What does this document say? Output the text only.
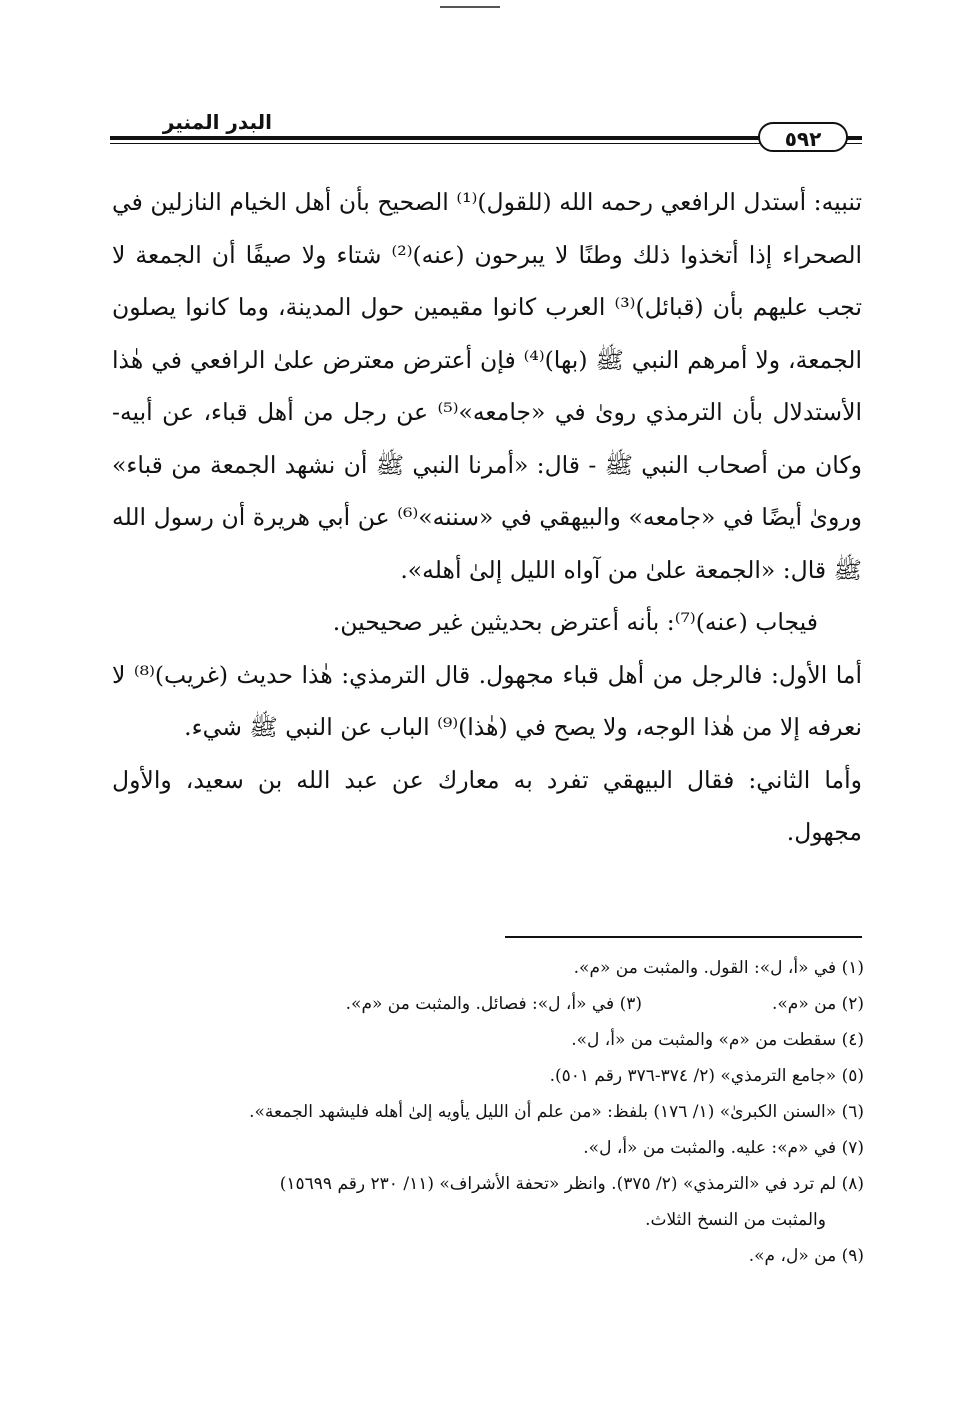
البدر المنير
٥٩٢

تنبيه: أستدل الرافعي رحمه الله (للقول)⁽¹⁾ الصحيح بأن أهل الخيام النازلين في الصحراء إذا أتخذوا ذلك وطنًا لا يبرحون (عنه)⁽²⁾ شتاء ولا صيفًا أن الجمعة لا تجب عليهم بأن (قبائل)⁽³⁾ العرب كانوا مقيمين حول المدينة، وما كانوا يصلون الجمعة، ولا أمرهم النبي ﷺ (بها)⁽⁴⁾ فإن أعترض معترض علىٰ الرافعي في هٰذا الأستدلال بأن الترمذي روىٰ في «جامعه»⁽⁵⁾ عن رجل من أهل قباء، عن أبيه- وكان من أصحاب النبي ﷺ - قال: «أمرنا النبي ﷺ أن نشهد الجمعة من قباء» وروىٰ أيضًا في «جامعه» والبيهقي في «سننه»⁽⁶⁾ عن أبي هريرة أن رسول الله ﷺ قال: «الجمعة علىٰ من آواه الليل إلىٰ أهله».

فيجاب (عنه)⁽⁷⁾: بأنه أعترض بحديثين غير صحيحين.

أما الأول: فالرجل من أهل قباء مجهول. قال الترمذي: هٰذا حديث (غريب)⁽⁸⁾ لا نعرفه إلا من هٰذا الوجه، ولا يصح في (هٰذا)⁽⁹⁾ الباب عن النبي ﷺ شيء.

وأما الثاني: فقال البيهقي تفرد به معارك عن عبد الله بن سعيد، والأول مجهول.

(١) في «أ، ل»: القول. والمثبت من «م».

(٢) من «م».
(٣) في «أ، ل»: فصائل. والمثبت من «م».

(٤) سقطت من «م» والمثبت من «أ، ل».

(٥) «جامع الترمذي» (٢/ ٣٧٤-٣٧٦ رقم ٥٠١).

(٦) «السنن الكبرىٰ» (١/ ١٧٦) بلفظ: «من علم أن الليل يأويه إلىٰ أهله فليشهد الجمعة».

(٧) في «م»: عليه. والمثبت من «أ، ل».

(٨) لم ترد في «الترمذي» (٢/ ٣٧٥). وانظر «تحفة الأشراف» (١١/ ٢٣٠ رقم ١٥٦٩٩)

والمثبت من النسخ الثلاث.

(٩) من «ل، م».
